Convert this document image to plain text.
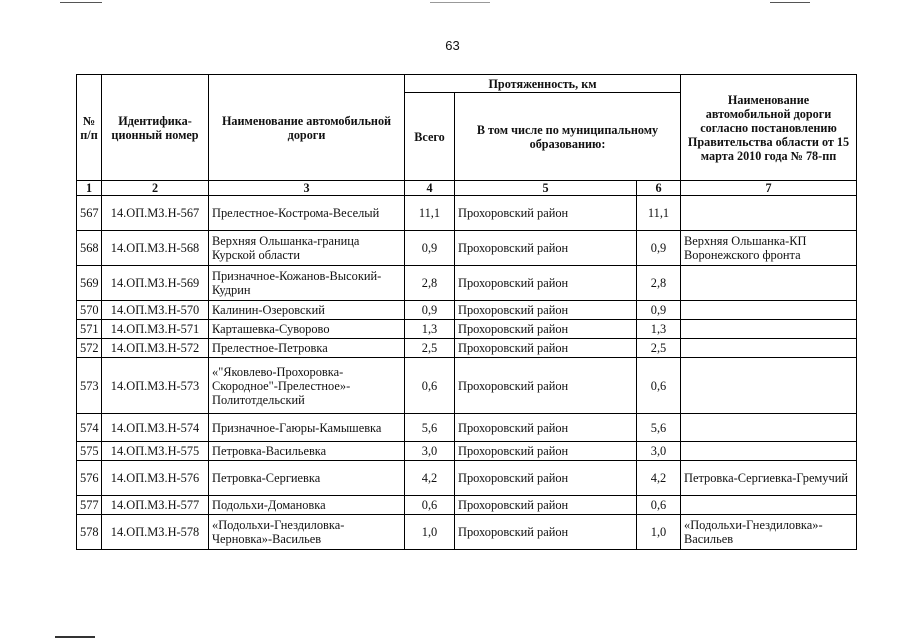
63
№ п/п	Идентифика-ционный номер	Наименование автомобильной дороги	Протяженность, км			Наименование автомобильной дороги согласно постановлению Правительства области от 15 марта 2010 года № 78-пп
			Всего	В том числе по муниципальному образованию:		
1	2	3	4	5	6	7
567	14.ОП.МЗ.Н-567	Прелестное-Кострома-Веселый	11,1	Прохоровский район	11,1	
568	14.ОП.МЗ.Н-568	Верхняя Ольшанка-граница Курской области	0,9	Прохоровский район	0,9	Верхняя Ольшанка-КП Воронежского фронта
569	14.ОП.МЗ.Н-569	Призначное-Кожанов-Высокий-Кудрин	2,8	Прохоровский район	2,8	
570	14.ОП.МЗ.Н-570	Калинин-Озеровский	0,9	Прохоровский район	0,9	
571	14.ОП.МЗ.Н-571	Карташевка-Суворово	1,3	Прохоровский район	1,3	
572	14.ОП.МЗ.Н-572	Прелестное-Петровка	2,5	Прохоровский район	2,5	
573	14.ОП.МЗ.Н-573	«"Яковлево-Прохоровка-Скородное"-Прелестное»-Политотдельский	0,6	Прохоровский район	0,6	
574	14.ОП.МЗ.Н-574	Призначное-Гаюры-Камышевка	5,6	Прохоровский район	5,6	
575	14.ОП.МЗ.Н-575	Петровка-Васильевка	3,0	Прохоровский район	3,0	
576	14.ОП.МЗ.Н-576	Петровка-Сергиевка	4,2	Прохоровский район	4,2	Петровка-Сергиевка-Гремучий
577	14.ОП.МЗ.Н-577	Подольхи-Домановка	0,6	Прохоровский район	0,6	
578	14.ОП.МЗ.Н-578	«Подольхи-Гнездиловка-Черновка»-Васильев	1,0	Прохоровский район	1,0	«Подольхи-Гнездиловка»-Васильев
